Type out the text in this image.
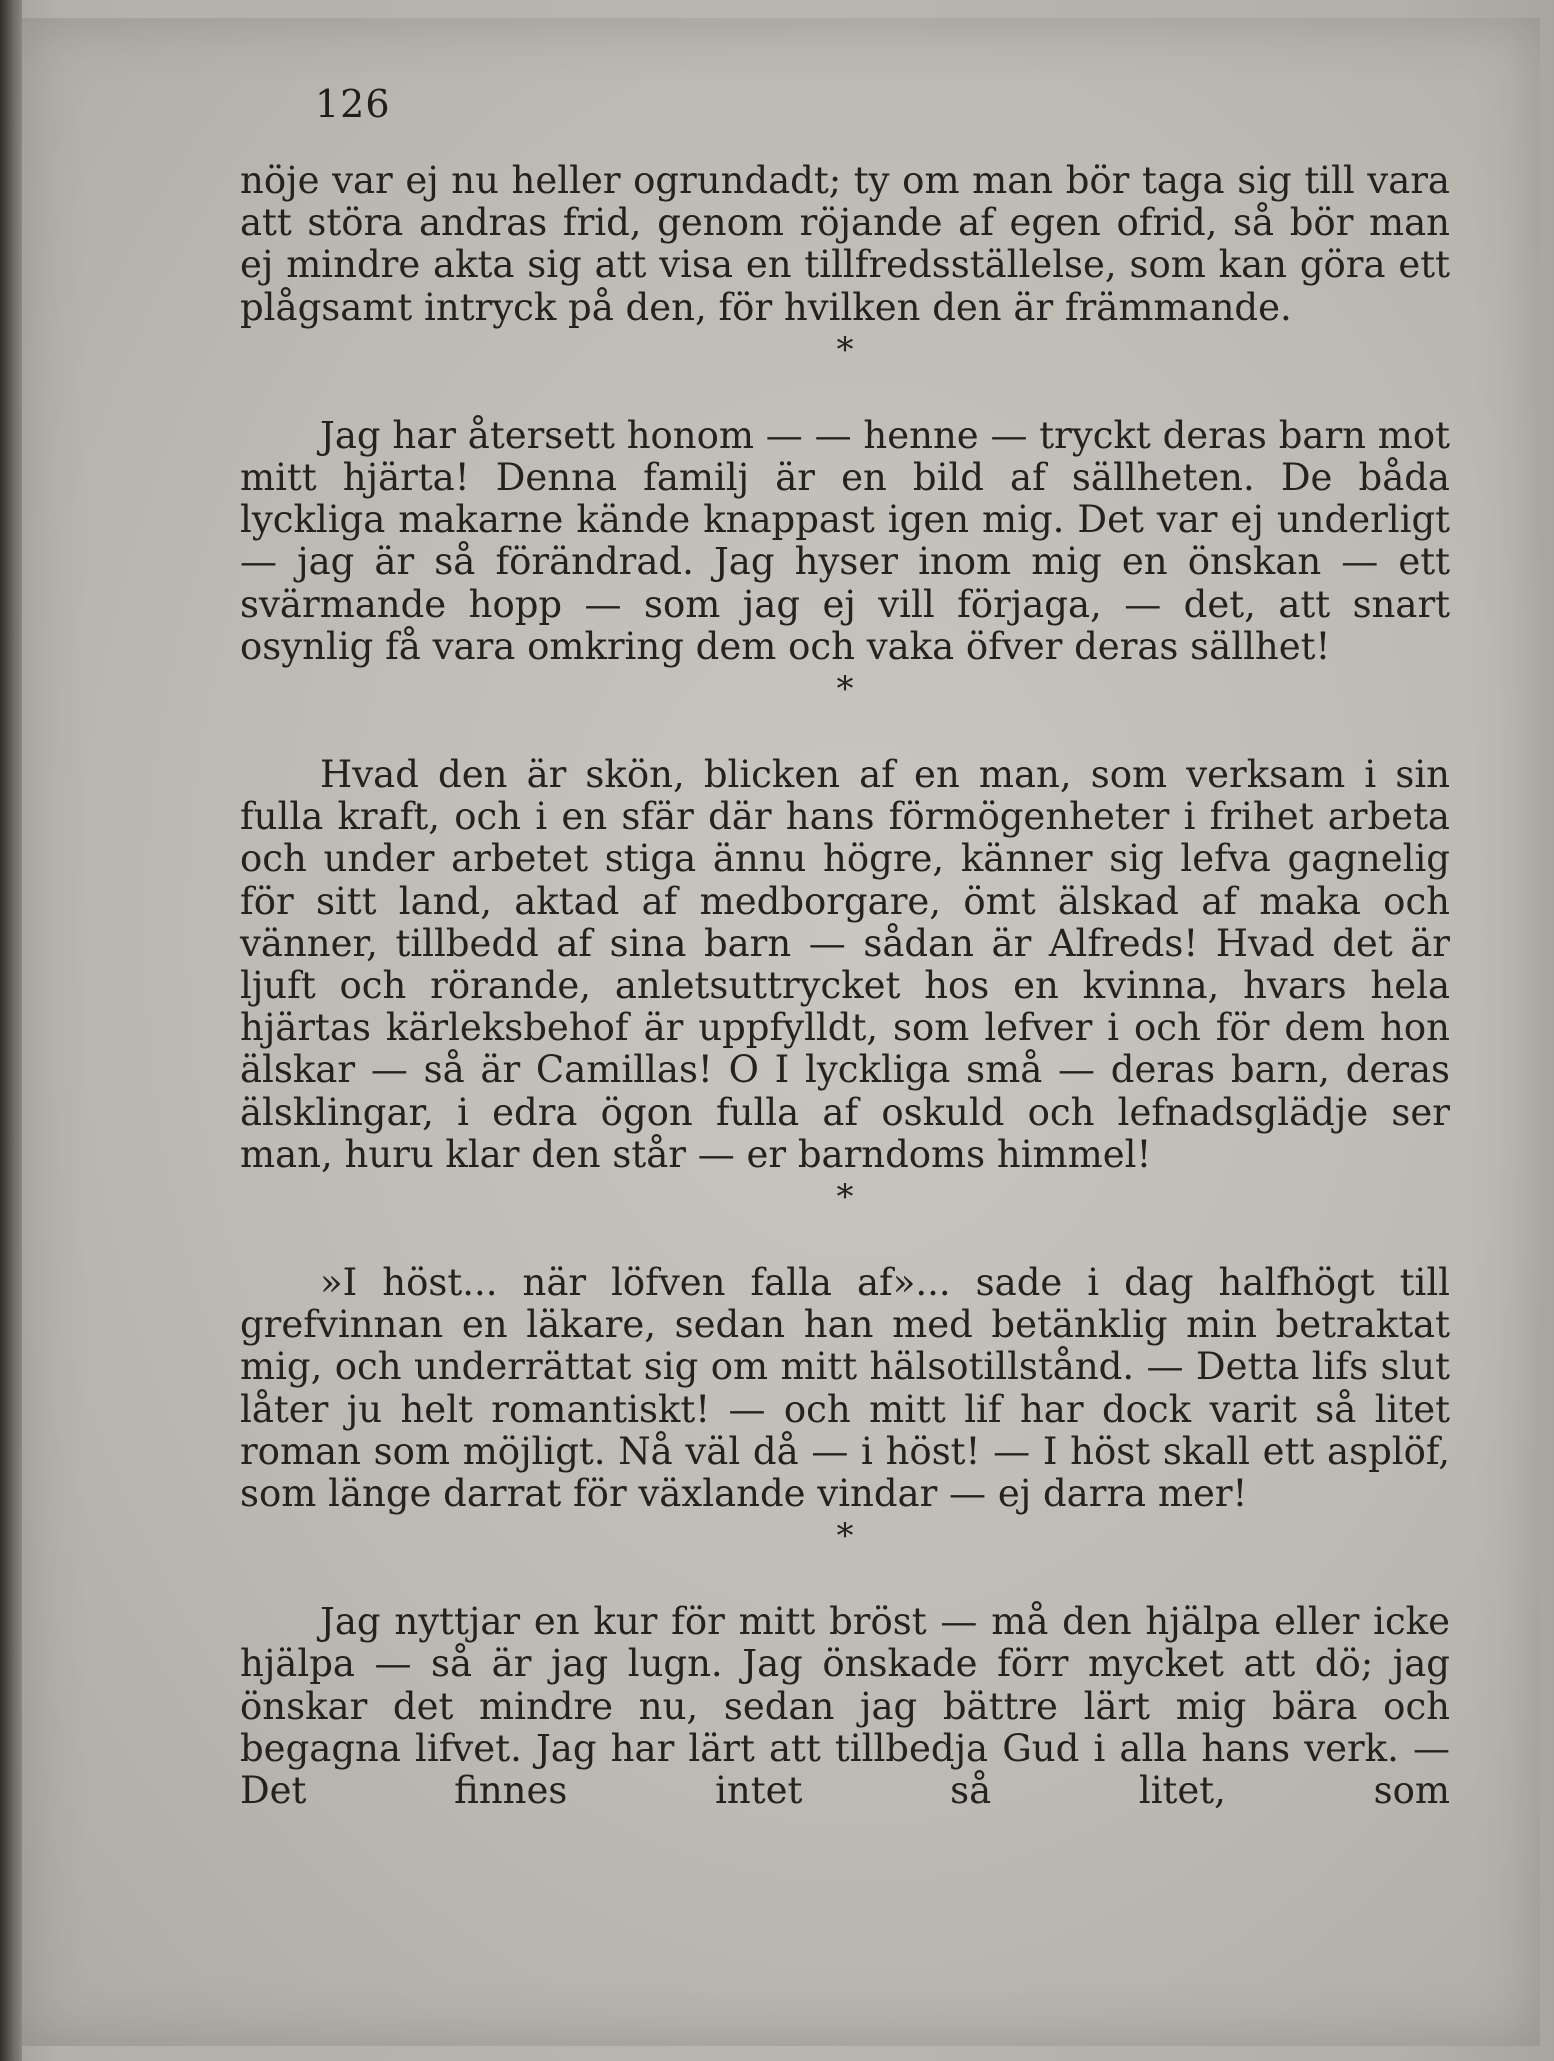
126

nöje var ej nu heller ogrundadt; ty om man bör taga sig till vara att störa andras frid, genom röjande af egen ofrid, så bör man ej mindre akta sig att visa en tillfredsställelse, som kan göra ett plågsamt intryck på den, för hvilken den är främmande.

*

Jag har återsett honom — — henne — tryckt deras barn mot mitt hjärta! Denna familj är en bild af sällheten. De båda lyckliga makarne kände knappast igen mig. Det var ej underligt — jag är så förändrad. Jag hyser inom mig en önskan — ett svärmande hopp — som jag ej vill förjaga, — det, att snart osynlig få vara omkring dem och vaka öfver deras sällhet!

*

Hvad den är skön, blicken af en man, som verksam i sin fulla kraft, och i en sfär där hans förmögenheter i frihet arbeta och under arbetet stiga ännu högre, känner sig lefva gagnelig för sitt land, aktad af medborgare, ömt älskad af maka och vänner, tillbedd af sina barn — sådan är Alfreds! Hvad det är ljuft och rörande, anletsuttrycket hos en kvinna, hvars hela hjärtas kärleksbehof är uppfylldt, som lefver i och för dem hon älskar — så är Camillas! O I lyckliga små — deras barn, deras älsklingar, i edra ögon fulla af oskuld och lefnadsglädje ser man, huru klar den står — er barndoms himmel!

*

»I höst... när löfven falla af»... sade i dag halfhögt till grefvinnan en läkare, sedan han med betänklig min betraktat mig, och underrättat sig om mitt hälsotillstånd. — Detta lifs slut låter ju helt romantiskt! — och mitt lif har dock varit så litet roman som möjligt. Nå väl då — i höst! — I höst skall ett asplöf, som länge darrat för växlande vindar — ej darra mer!

*

Jag nyttjar en kur för mitt bröst — må den hjälpa eller icke hjälpa — så är jag lugn. Jag önskade förr mycket att dö; jag önskar det mindre nu, sedan jag bättre lärt mig bära och begagna lifvet. Jag har lärt att tillbedja Gud i alla hans verk. — Det finnes intet så litet, som
